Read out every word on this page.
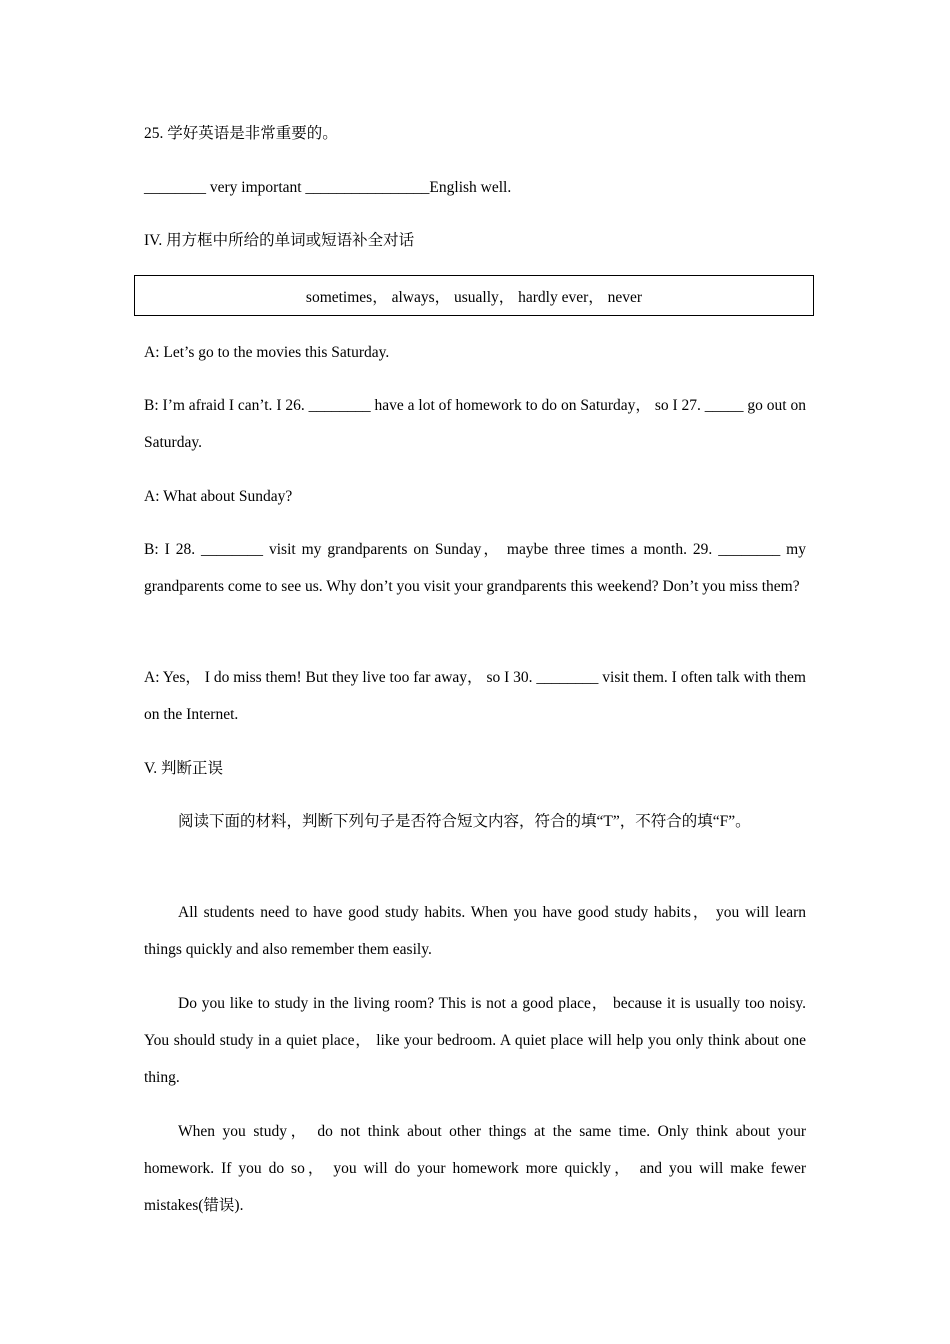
25. 学好英语是非常重要的。
________ very important ________________English well.
IV. 用方框中所给的单词或短语补全对话
A: Let’s go to the movies this Saturday.
B: I’m afraid I can’t. I 26. ________ have a lot of homework to do on Saturday， so I 27. _____ go out on Saturday.
A: What about Sunday?
B: I 28. ________ visit my grandparents on Sunday， maybe three times a month. 29. ________ my grandparents come to see us. Why don’t you visit your grandparents this weekend? Don’t you miss them?
A: Yes， I do miss them! But they live too far away， so I 30. ________ visit them. I often talk with them on the Internet.
V. 判断正误
阅读下面的材料，判断下列句子是否符合短文内容，符合的填“T”，不符合的填“F”。
All students need to have good study habits. When you have good study habits， you will learn things quickly and also remember them easily.
Do you like to study in the living room? This is not a good place， because it is usually too noisy. You should study in a quiet place， like your bedroom. A quiet place will help you only think about one thing.
When you study， do not think about other things at the same time. Only think about your homework. If you do so， you will do your homework more quickly， and you will make fewer mistakes(错误).
sometimes， always， usually， hardly ever， never
